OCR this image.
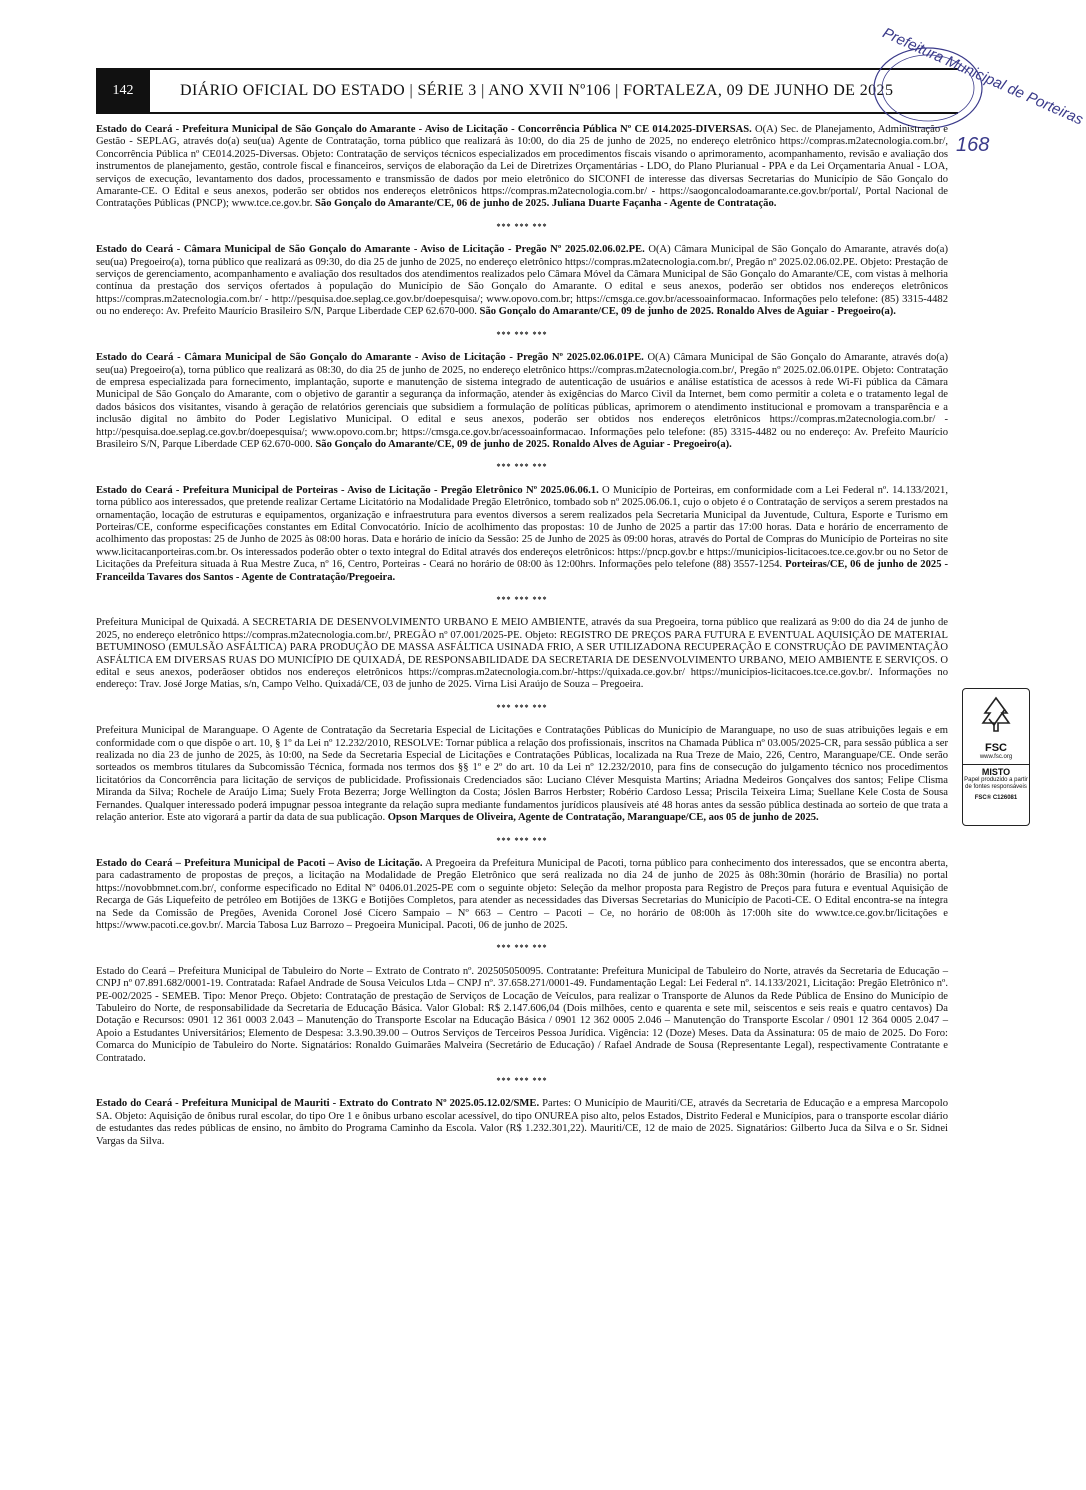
142	DIÁRIO OFICIAL DO ESTADO | SÉRIE 3 | ANO XVII Nº106 | FORTALEZA, 09 DE JUNHO DE 2025
Prefeitura Municipal de Porteiras
168

Estado do Ceará - Prefeitura Municipal de São Gonçalo do Amarante - Aviso de Licitação - Concorrência Pública Nº CE 014.2025-DIVERSAS. O(A) Sec. de Planejamento, Administração e Gestão - SEPLAG, através do(a) seu(ua) Agente de Contratação, torna público que realizará às 10:00, do dia 25 de junho de 2025, no endereço eletrônico https://compras.m2atecnologia.com.br/, Concorrência Pública nº CE014.2025-Diversas. Objeto: Contratação de serviços técnicos especializados em procedimentos fiscais visando o aprimoramento, acompanhamento, revisão e avaliação dos instrumentos de planejamento, gestão, controle fiscal e financeiros, serviços de elaboração da Lei de Diretrizes Orçamentárias - LDO, do Plano Plurianual - PPA e da Lei Orçamentaria Anual - LOA, serviços de execução, levantamento dos dados, processamento e transmissão de dados por meio eletrônico do SICONFI de interesse das diversas Secretarias do Município de São Gonçalo do Amarante-CE. O Edital e seus anexos, poderão ser obtidos nos endereços eletrônicos https://compras.m2atecnologia.com.br/ - https://saogoncalodoamarante.ce.gov.br/portal/, Portal Nacional de Contratações Públicas (PNCP); www.tce.ce.gov.br. São Gonçalo do Amarante/CE, 06 de junho de 2025. Juliana Duarte Façanha - Agente de Contratação.

*** *** ***

Estado do Ceará - Câmara Municipal de São Gonçalo do Amarante - Aviso de Licitação - Pregão Nº 2025.02.06.02.PE. O(A) Câmara Municipal de São Gonçalo do Amarante, através do(a) seu(ua) Pregoeiro(a), torna público que realizará as 09:30, do dia 25 de junho de 2025, no endereço eletrônico https://compras.m2atecnologia.com.br/, Pregão nº 2025.02.06.02.PE. Objeto: Prestação de serviços de gerenciamento, acompanhamento e avaliação dos resultados dos atendimentos realizados pelo Câmara Móvel da Câmara Municipal de São Gonçalo do Amarante/CE, com vistas à melhoria contínua da prestação dos serviços ofertados à população do Município de São Gonçalo do Amarante. O edital e seus anexos, poderão ser obtidos nos endereços eletrônicos https://compras.m2atecnologia.com.br/ - http://pesquisa.doe.seplag.ce.gov.br/doepesquisa/; www.opovo.com.br; https://cmsga.ce.gov.br/acessoainformacao. Informações pelo telefone: (85) 3315-4482 ou no endereço: Av. Prefeito Maurício Brasileiro S/N, Parque Liberdade CEP 62.670-000. São Gonçalo do Amarante/CE, 09 de junho de 2025. Ronaldo Alves de Aguiar - Pregoeiro(a).

*** *** ***

Estado do Ceará - Câmara Municipal de São Gonçalo do Amarante - Aviso de Licitação - Pregão Nº 2025.02.06.01PE. O(A) Câmara Municipal de São Gonçalo do Amarante, através do(a) seu(ua) Pregoeiro(a), torna público que realizará as 08:30, do dia 25 de junho de 2025, no endereço eletrônico https://compras.m2atecnologia.com.br/, Pregão nº 2025.02.06.01PE. Objeto: Contratação de empresa especializada para fornecimento, implantação, suporte e manutenção de sistema integrado de autenticação de usuários e análise estatística de acessos à rede Wi-Fi pública da Câmara Municipal de São Gonçalo do Amarante, com o objetivo de garantir a segurança da informação, atender às exigências do Marco Civil da Internet, bem como permitir a coleta e o tratamento legal de dados básicos dos visitantes, visando à geração de relatórios gerenciais que subsidiem a formulação de políticas públicas, aprimorem o atendimento institucional e promovam a transparência e a inclusão digital no âmbito do Poder Legislativo Municipal. O edital e seus anexos, poderão ser obtidos nos endereços eletrônicos https://compras.m2atecnologia.com.br/ - http://pesquisa.doe.seplag.ce.gov.br/doepesquisa/; www.opovo.com.br; https://cmsga.ce.gov.br/acessoainformacao. Informações pelo telefone: (85) 3315-4482 ou no endereço: Av. Prefeito Maurício Brasileiro S/N, Parque Liberdade CEP 62.670-000. São Gonçalo do Amarante/CE, 09 de junho de 2025. Ronaldo Alves de Aguiar - Pregoeiro(a).

*** *** ***

Estado do Ceará - Prefeitura Municipal de Porteiras - Aviso de Licitação - Pregão Eletrônico Nº 2025.06.06.1. O Município de Porteiras, em conformidade com a Lei Federal nº. 14.133/2021, torna público aos interessados, que pretende realizar Certame Licitatório na Modalidade Pregão Eletrônico, tombado sob nº 2025.06.06.1, cujo o objeto é o Contratação de serviços a serem prestados na ornamentação, locação de estruturas e equipamentos, organização e infraestrutura para eventos diversos a serem realizados pela Secretaria Municipal da Juventude, Cultura, Esporte e Turismo em Porteiras/CE, conforme especificações constantes em Edital Convocatório. Início de acolhimento das propostas: 10 de Junho de 2025 a partir das 17:00 horas. Data e horário de encerramento de acolhimento das propostas: 25 de Junho de 2025 às 08:00 horas. Data e horário de início da Sessão: 25 de Junho de 2025 às 09:00 horas, através do Portal de Compras do Município de Porteiras no site www.licitacanporteiras.com.br. Os interessados poderão obter o texto integral do Edital através dos endereços eletrônicos: https://pncp.gov.br e https://municipios-licitacoes.tce.ce.gov.br ou no Setor de Licitações da Prefeitura situada à Rua Mestre Zuca, nº 16, Centro, Porteiras - Ceará no horário de 08:00 às 12:00hrs. Informações pelo telefone (88) 3557-1254. Porteiras/CE, 06 de junho de 2025 - Franceilda Tavares dos Santos - Agente de Contratação/Pregoeira.

*** *** ***

Prefeitura Municipal de Quixadá. A SECRETARIA DE DESENVOLVIMENTO URBANO E MEIO AMBIENTE, através da sua Pregoeira, torna público que realizará as 9:00 do dia 24 de junho de 2025, no endereço eletrônico https://compras.m2atecnologia.com.br/, PREGÃO nº 07.001/2025-PE. Objeto: REGISTRO DE PREÇOS PARA FUTURA E EVENTUAL AQUISIÇÃO DE MATERIAL BETUMINOSO (EMULSÃO ASFÁLTICA) PARA PRODUÇÃO DE MASSA ASFÁLTICA USINADA FRIO, A SER UTILIZADONA RECUPERAÇÃO E CONSTRUÇÃO DE PAVIMENTAÇÃO ASFÁLTICA EM DIVERSAS RUAS DO MUNICÍPIO DE QUIXADÁ, DE RESPONSABILIDADE DA SECRETARIA DE DESENVOLVIMENTO URBANO, MEIO AMBIENTE E SERVIÇOS. O edital e seus anexos, poderãoser obtidos nos endereços eletrônicos https://compras.m2atecnologia.com.br/-https://quixada.ce.gov.br/ https://municipios-licitacoes.tce.ce.gov.br/. Informações no endereço: Trav. José Jorge Matias, s/n, Campo Velho. Quixadá/CE, 03 de junho de 2025. Virna Lisi Araújo de Souza – Pregoeira.

*** *** ***

Prefeitura Municipal de Maranguape. O Agente de Contratação da Secretaria Especial de Licitações e Contratações Públicas do Município de Maranguape, no uso de suas atribuições legais e em conformidade com o que dispõe o art. 10, § 1º da Lei nº 12.232/2010, RESOLVE: Tornar pública a relação dos profissionais, inscritos na Chamada Pública nº 03.005/2025-CR, para sessão pública a ser realizada no dia 23 de junho de 2025, às 10:00, na Sede da Secretaria Especial de Licitações e Contratações Públicas, localizada na Rua Treze de Maio, 226, Centro, Maranguape/CE. Onde serão sorteados os membros titulares da Subcomissão Técnica, formada nos termos dos §§ 1º e 2º do art. 10 da Lei nº 12.232/2010, para fins de consecução do julgamento técnico nos procedimentos licitatórios da Concorrência para licitação de serviços de publicidade. Profissionais Credenciados são: Luciano Cléver Mesquista Martins; Ariadna Medeiros Gonçalves dos santos; Felipe Clisma Miranda da Silva; Rochele de Araújo Lima; Suely Frota Bezerra; Jorge Wellington da Costa; Jóslen Barros Herbster; Robério Cardoso Lessa; Priscila Teixeira Lima; Suellane Kele Costa de Sousa Fernandes. Qualquer interessado poderá impugnar pessoa integrante da relação supra mediante fundamentos jurídicos plausíveis até 48 horas antes da sessão pública destinada ao sorteio de que trata a relação anterior. Este ato vigorará a partir da data de sua publicação. Opson Marques de Oliveira, Agente de Contratação, Maranguape/CE, aos 05 de junho de 2025.

*** *** ***

Estado do Ceará – Prefeitura Municipal de Pacoti – Aviso de Licitação. A Pregoeira da Prefeitura Municipal de Pacoti, torna público para conhecimento dos interessados, que se encontra aberta, para cadastramento de propostas de preços, a licitação na Modalidade de Pregão Eletrônico que será realizada no dia 24 de junho de 2025 às 08h:30min (horário de Brasília) no portal https://novobbmnet.com.br/, conforme especificado no Edital Nº 0406.01.2025-PE com o seguinte objeto: Seleção da melhor proposta para Registro de Preços para futura e eventual Aquisição de Recarga de Gás Liquefeito de petróleo em Botijões de 13KG e Botijões Completos, para atender as necessidades das Diversas Secretarias do Município de Pacoti-CE. O Edital encontra-se na íntegra na Sede da Comissão de Pregões, Avenida Coronel José Cícero Sampaio – Nº 663 – Centro – Pacoti – Ce, no horário de 08:00h às 17:00h site do www.tce.ce.gov.br/licitações e https://www.pacoti.ce.gov.br/. Marcia Tabosa Luz Barrozo – Pregoeira Municipal. Pacoti, 06 de junho de 2025.

*** *** ***

Estado do Ceará – Prefeitura Municipal de Tabuleiro do Norte – Extrato de Contrato nº. 202505050095. Contratante: Prefeitura Municipal de Tabuleiro do Norte, através da Secretaria de Educação – CNPJ nº 07.891.682/0001-19. Contratada: Rafael Andrade de Sousa Veiculos Ltda – CNPJ nº. 37.658.271/0001-49. Fundamentação Legal: Lei Federal nº. 14.133/2021, Licitação: Pregão Eletrônico nº. PE-002/2025 - SEMEB. Tipo: Menor Preço. Objeto: Contratação de prestação de Serviços de Locação de Veículos, para realizar o Transporte de Alunos da Rede Pública de Ensino do Município de Tabuleiro do Norte, de responsabilidade da Secretaria de Educação Básica. Valor Global: R$ 2.147.606,04 (Dois milhões, cento e quarenta e sete mil, seiscentos e seis reais e quatro centavos) Da Dotação e Recursos: 0901 12 361 0003 2.043 – Manutenção do Transporte Escolar na Educação Básica / 0901 12 362 0005 2.046 – Manutenção do Transporte Escolar / 0901 12 364 0005 2.047 – Apoio a Estudantes Universitários; Elemento de Despesa: 3.3.90.39.00 – Outros Serviços de Terceiros Pessoa Jurídica. Vigência: 12 (Doze) Meses. Data da Assinatura: 05 de maio de 2025. Do Foro: Comarca do Município de Tabuleiro do Norte. Signatários: Ronaldo Guimarães Malveira (Secretário de Educação) / Rafael Andrade de Sousa (Representante Legal), respectivamente Contratante e Contratado.

*** *** ***

Estado do Ceará - Prefeitura Municipal de Mauriti - Extrato do Contrato Nº 2025.05.12.02/SME. Partes: O Município de Mauriti/CE, através da Secretaria de Educação e a empresa Marcopolo SA. Objeto: Aquisição de ônibus rural escolar, do tipo Ore 1 e ônibus urbano escolar acessível, do tipo ONUREA piso alto, pelos Estados, Distrito Federal e Municípios, para o transporte escolar diário de estudantes das redes públicas de ensino, no âmbito do Programa Caminho da Escola. Valor (R$ 1.232.301,22). Mauriti/CE, 12 de maio de 2025. Signatários: Gilberto Juca da Silva e o Sr. Sidnei Vargas da Silva.

FSC
www.fsc.org
MISTO
Papel produzido a partir de fontes responsáveis
FSC® C126081
